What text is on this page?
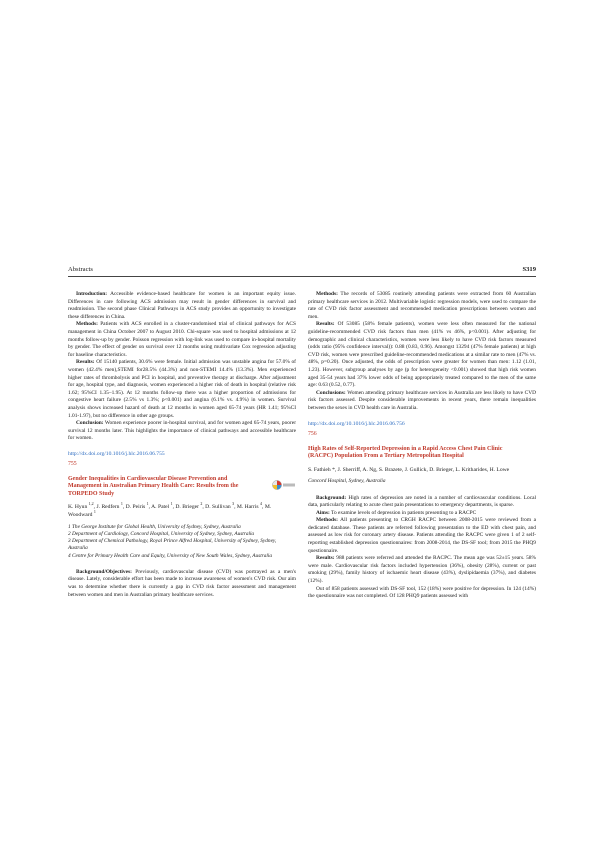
Abstracts	S319

Introduction: Accessible evidence-based healthcare for women is an important equity issue. Differences in care following ACS admission may result in gender differences in survival and readmission. The second phase Clinical Pathways in ACS study provides an opportunity to investigate these differences in China.

Methods: Patients with ACS enrolled in a cluster-randomised trial of clinical pathways for ACS management in China October 2007 to August 2010. Chi-square was used to hospital admissions at 12 months follow-up by gender. Poisson regression with log-link was used to compare in-hospital mortality by gender. The effect of gender on survival over 12 months using multivariate Cox regression adjusting for baseline characteristics.

Results: Of 15140 patients, 30.6% were female. Initial admission was unstable angina for 57.0% of women (42.4% men),STEMI for28.5% (44.3%) and non-STEMI 14.4% (13.3%). Men experienced higher rates of thrombolysis and PCI in hospital, and preventive therapy at discharge. After adjustment for age, hospital type, and diagnosis, women experienced a higher risk of death in hospital (relative risk 1.62; 95%CI 1.35–1.95). At 12 months follow-up there was a higher proportion of admissions for congestive heart failure (2.5% vs 1.3%; p<0.001) and angina (6.1% vs. 4.9%) in women. Survival analysis shows increased hazard of death at 12 months in women aged 65-74 years (HR 1.41; 95%CI 1.01-1.97), but no difference in other age groups.

Conclusion: Women experience poorer in-hospital survival, and for women aged 65-74 years, poorer survival 12 months later. This highlights the importance of clinical pathways and accessible healthcare for women.

http://dx.doi.org/10.1016/j.hlc.2016.06.755
755
Gender Inequalities in Cardiovascular Disease Prevention and Management in Australian Primary Health Care: Results from the TORPEDO Study
K. Hyun $^{1,2}$, J. Redfern $^1$, D. Peiris $^1$, A. Patel $^1$, D. Brieger $^2$, D. Sullivan $^3$, M. Harris $^4$, M. Woodward $^1$
1 The George Institute for Global Health, University of Sydney, Sydney, Australia
2 Department of Cardiology, Concord Hospital, University of Sydney, Sydney, Australia
3 Department of Chemical Pathology, Royal Prince Alfred Hospital, University of Sydney, Sydney, Australia
4 Centre for Primary Health Care and Equity, University of New South Wales, Sydney, Australia

Background/Objectives: Previously, cardiovascular disease (CVD) was portrayed as a men's disease. Lately, considerable effort has been made to increase awareness of women's CVD risk. Our aim was to determine whether there is currently a gap in CVD risk factor assessment and management between women and men in Australian primary healthcare services.

Methods: The records of 53085 routinely attending patients were extracted from 60 Australian primary healthcare services in 2012. Multivariable logistic regression models, were used to compare the rate of CVD risk factor assessment and recommended medication prescriptions between women and men.

Results: Of 53085 (58% female patients), women were less often measured for the national guideline-recommended CVD risk factors than men (41% vs 46%, p<0.001). After adjusting for demographic and clinical characteristics, women were less likely to have CVD risk factors measured (odds ratio (95% confidence interval)): 0.88 (0.83, 0.96). Amongst 13294 (47% female patients) at high CVD risk, women were prescribed guideline-recommended medications at a similar rate to men (47% vs. 48%, p=0.20). Once adjusted, the odds of prescription were greater for women than men: 1.12 (1.01, 1.23). However, subgroup analyses by age (p for heterogeneity <0.001) showed that high risk women aged 35-54 years had 37% lower odds of being appropriately treated compared to the men of the same age: 0.63 (0.52, 0.77).

Conclusions: Women attending primary healthcare services in Australia are less likely to have CVD risk factors assessed. Despite considerable improvements in recent years, there remain inequalities between the sexes in CVD health care in Australia.

http://dx.doi.org/10.1016/j.hlc.2016.06.756
756
High Rates of Self-Reported Depression in a Rapid Access Chest Pain Clinic (RACPC) Population From a Tertiary Metropolitan Hospital
S. Fathieh *, J. Sherriff, A. Ng, S. Brazete, J. Gullick, D. Brieger, L. Kritharides, H. Lowe
Concord Hospital, Sydney, Australia

Background: High rates of depression are noted in a number of cardiovascular conditions. Local data, particularly relating to acute chest pain presentations to emergency departments, is sparse.

Aims: To examine levels of depression in patients presenting to a RACPC

Methods: All patients presenting to CRGH RACPC between 2008-2015 were reviewed from a dedicated database. These patients are referred following presentation to the ED with chest pain, and assessed as low risk for coronary artery disease. Patients attending the RACPC were given 1 of 2 self-reporting established depression questionnaires: from 2008-2014, the DS-SF tool; from 2015 the PHQ9 questionnaire.

Results: 988 patients were referred and attended the RACPC. The mean age was 52±15 years. 58% were male. Cardiovascular risk factors included hypertension (36%), obesity (28%), current or past smoking (29%), family history of ischaemic heart disease (43%), dyslipidaemia (37%), and diabetes (12%).

Out of 858 patients assessed with DS-SF tool, 152 (18%) were positive for depression. In 124 (14%) the questionnaire was not completed. Of 128 PHQ9 patients assessed with
